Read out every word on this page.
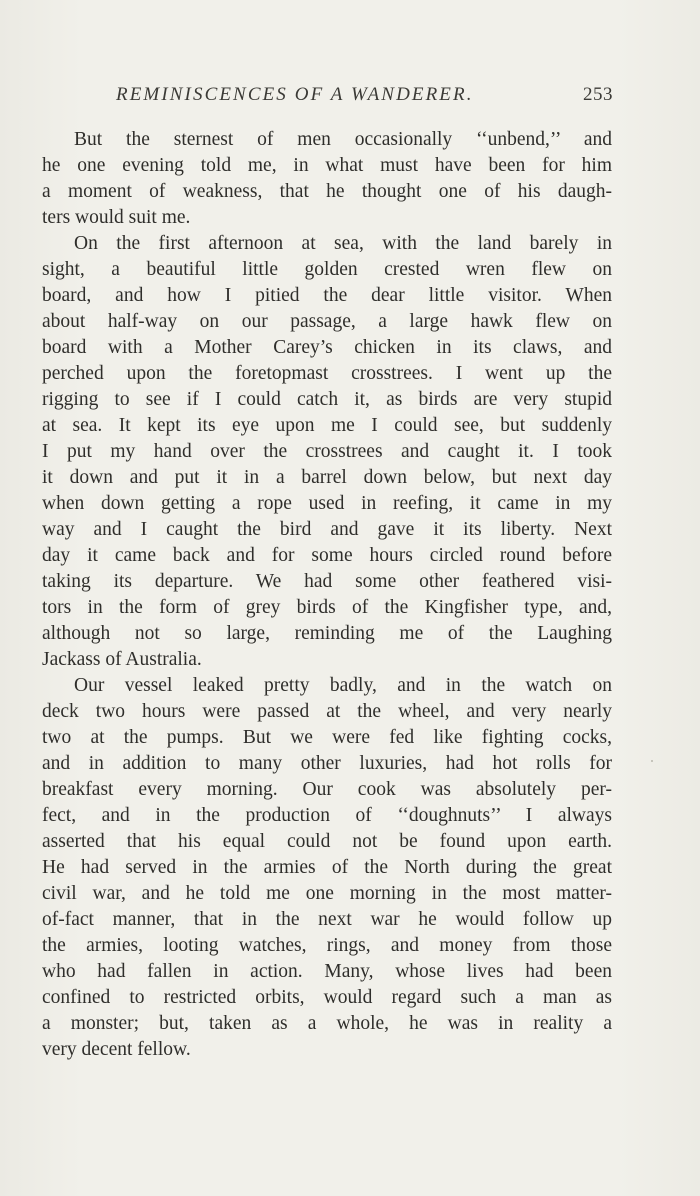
REMINISCENCES OF A WANDERER.	253
But the sternest of men occasionally ‘‘unbend,’’ and
he one evening told me, in what must have been for him
a moment of weakness, that he thought one of his daugh-
ters would suit me.
On the first afternoon at sea, with the land barely in
sight, a beautiful little golden crested wren flew on
board, and how I pitied the dear little visitor. When
about half-way on our passage, a large hawk flew on
board with a Mother Carey’s chicken in its claws, and
perched upon the foretopmast crosstrees. I went up the
rigging to see if I could catch it, as birds are very stupid
at sea. It kept its eye upon me I could see, but suddenly
I put my hand over the crosstrees and caught it. I took
it down and put it in a barrel down below, but next day
when down getting a rope used in reefing, it came in my
way and I caught the bird and gave it its liberty. Next
day it came back and for some hours circled round before
taking its departure. We had some other feathered visi-
tors in the form of grey birds of the Kingfisher type, and,
although not so large, reminding me of the Laughing
Jackass of Australia.
Our vessel leaked pretty badly, and in the watch on
deck two hours were passed at the wheel, and very nearly
two at the pumps. But we were fed like fighting cocks,
and in addition to many other luxuries, had hot rolls for
breakfast every morning. Our cook was absolutely per-
fect, and in the production of ‘‘doughnuts’’ I always
asserted that his equal could not be found upon earth.
He had served in the armies of the North during the great
civil war, and he told me one morning in the most matter-
of-fact manner, that in the next war he would follow up
the armies, looting watches, rings, and money from those
who had fallen in action. Many, whose lives had been
confined to restricted orbits, would regard such a man as
a monster; but, taken as a whole, he was in reality a
very decent fellow.
